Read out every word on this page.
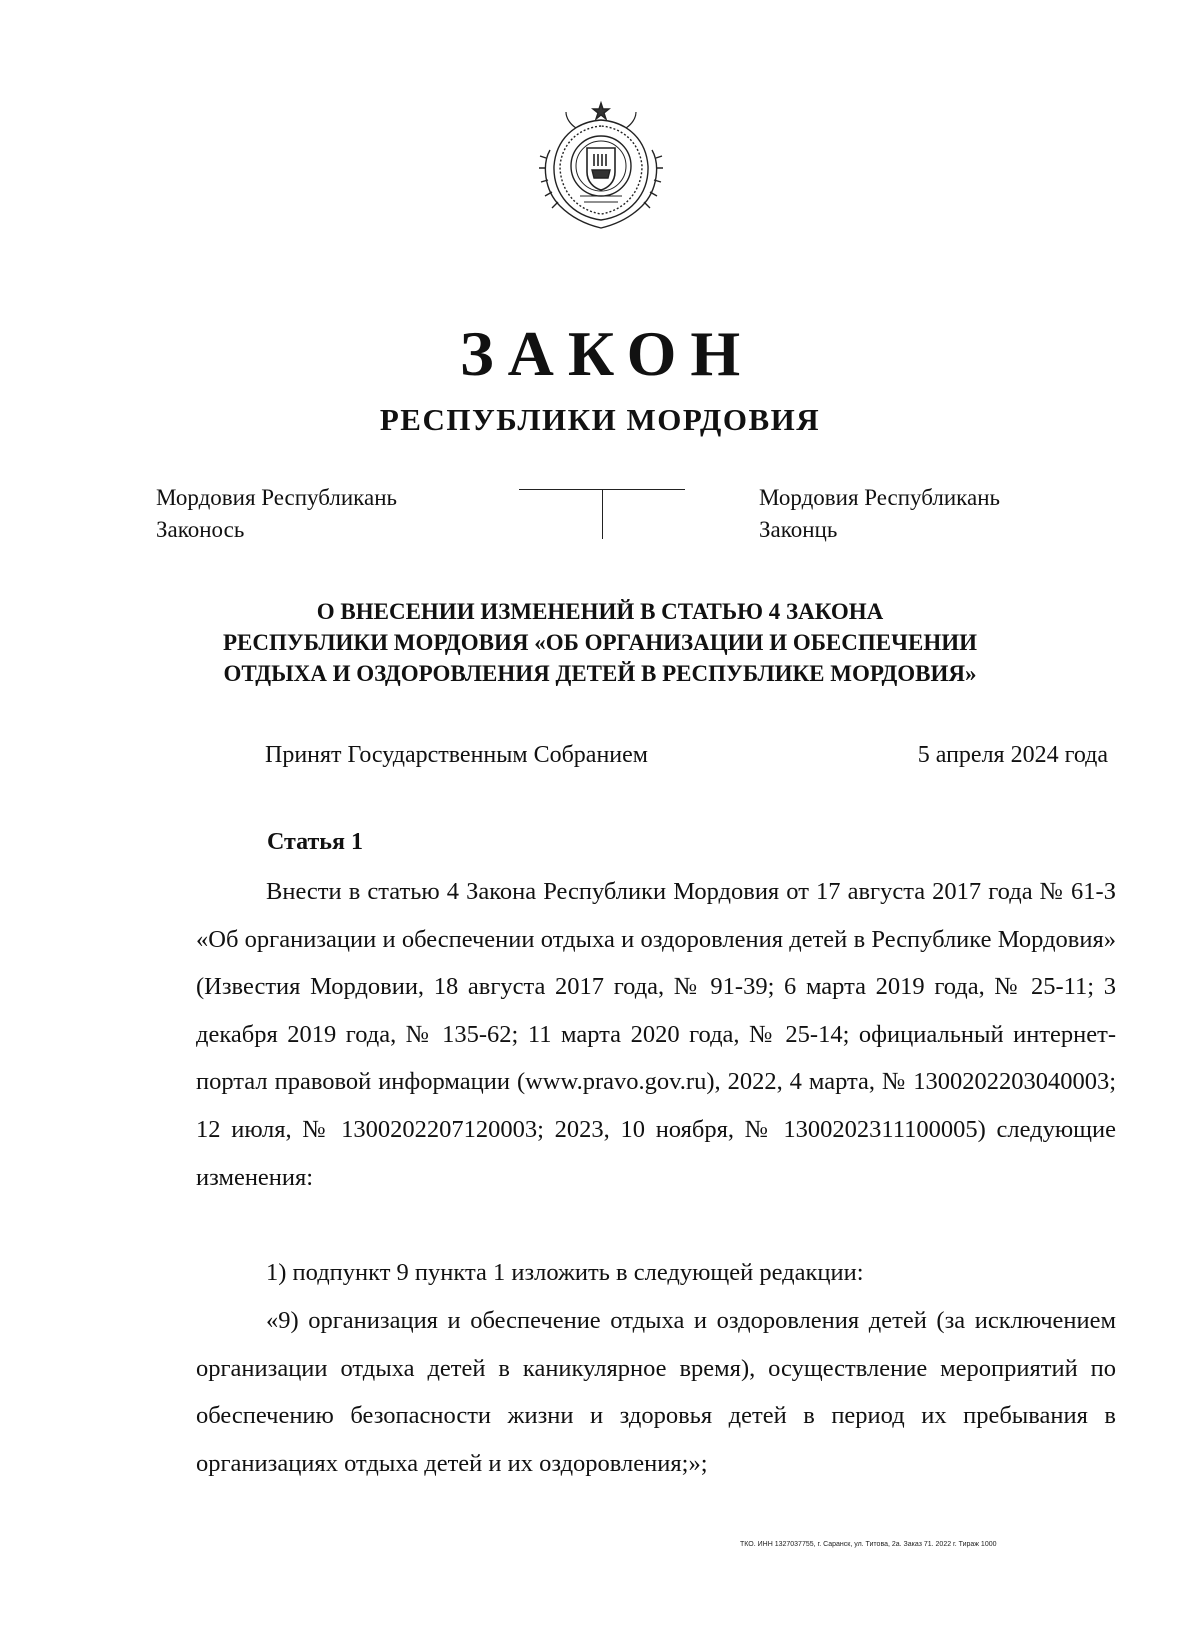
ЗАКОН
РЕСПУБЛИКИ МОРДОВИЯ
Мордовия Республикань
Законось
Мордовия Республикань
Законць
О ВНЕСЕНИИ ИЗМЕНЕНИЙ В СТАТЬЮ 4 ЗАКОНА
РЕСПУБЛИКИ МОРДОВИЯ «ОБ ОРГАНИЗАЦИИ И ОБЕСПЕЧЕНИИ
ОТДЫХА И ОЗДОРОВЛЕНИЯ ДЕТЕЙ В РЕСПУБЛИКЕ МОРДОВИЯ»
Принят Государственным Собранием	5 апреля 2024 года
Статья 1

Внести в статью 4 Закона Республики Мордовия от 17 августа 2017 года № 61-З «Об организации и обеспечении отдыха и оздоровления детей в Республике Мордовия» (Известия Мордовии, 18 августа 2017 года, № 91-39; 6 марта 2019 года, № 25-11; 3 декабря 2019 года, № 135-62; 11 марта 2020 года, № 25-14; официальный интернет-портал правовой информации (www.pravo.gov.ru), 2022, 4 марта, № 1300202203040003; 12 июля, № 1300202207120003; 2023, 10 ноября, № 1300202311100005) следующие изменения:

1) подпункт 9 пункта 1 изложить в следующей редакции:

«9) организация и обеспечение отдыха и оздоровления детей (за исключением организации отдыха детей в каникулярное время), осуществление мероприятий по обеспечению безопасности жизни и здоровья детей в период их пребывания в организациях отдыха детей и их оздоровления;»;

ТКО. ИНН 1327037755, г. Саранск, ул. Титова, 2а. Заказ 71. 2022 г. Тираж 1000
